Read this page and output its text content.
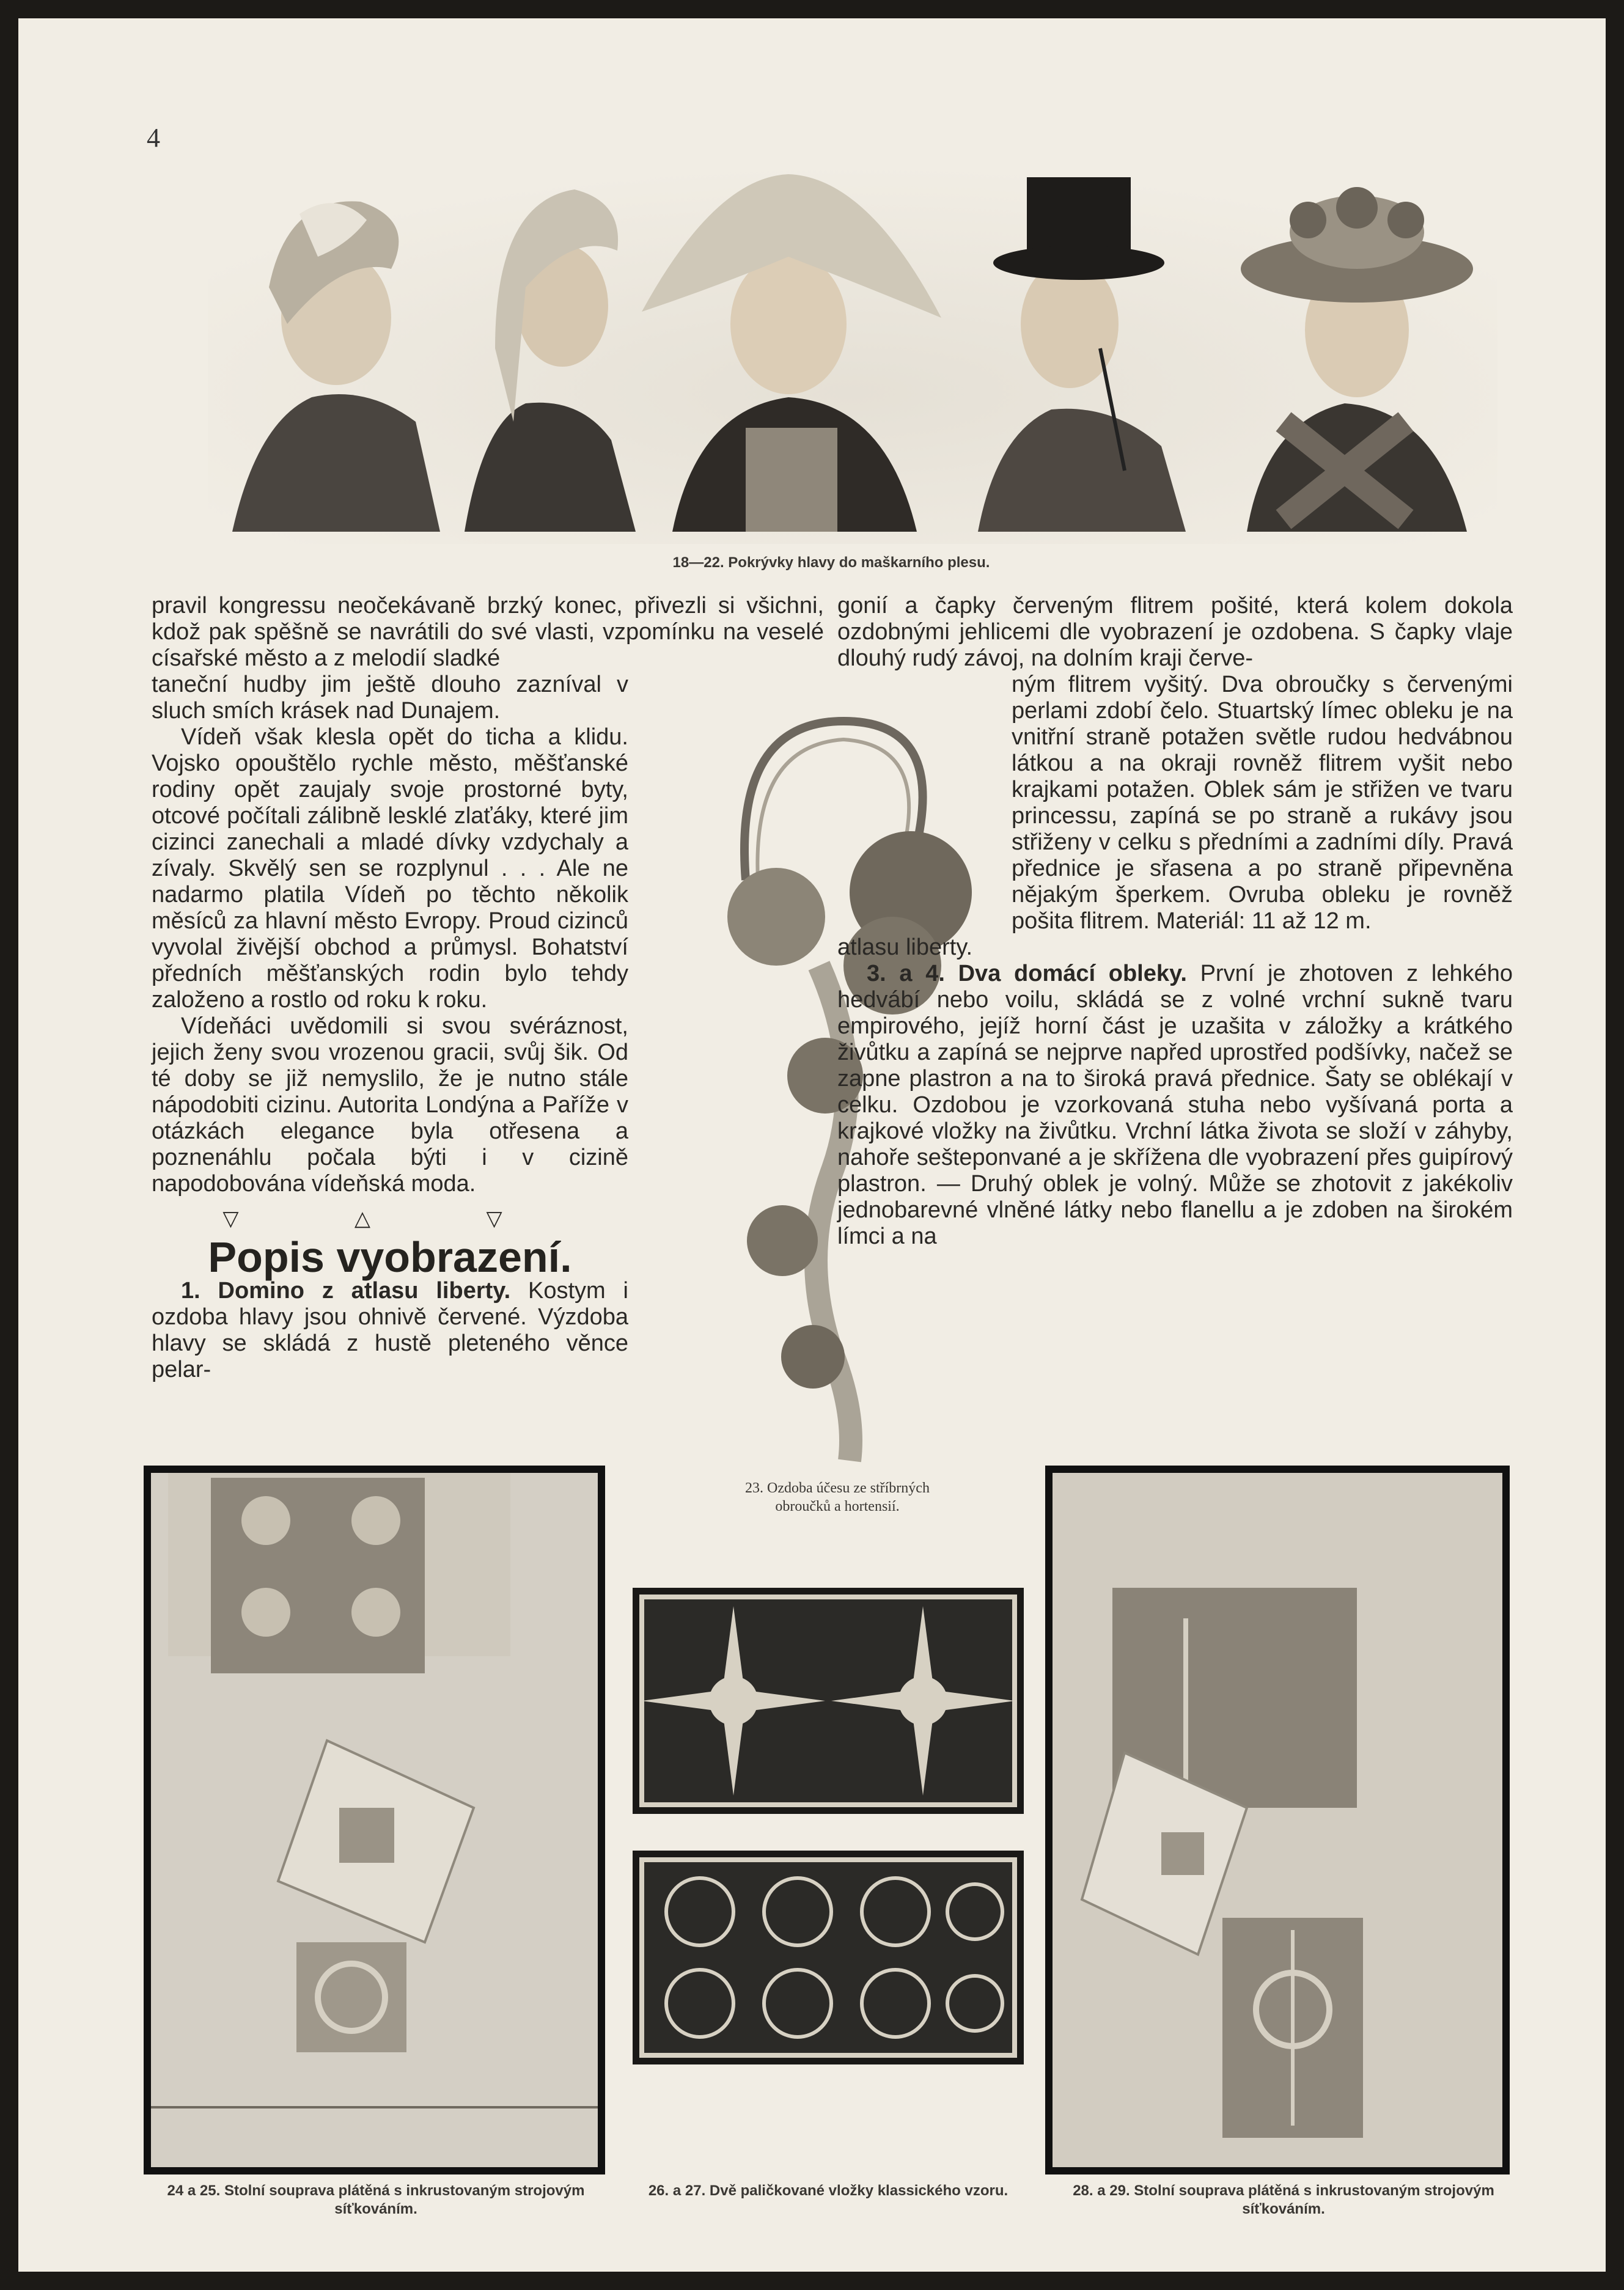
4
18—22. Pokrývky hlavy do maškarního plesu.

pravil kongressu neočekávaně brzký konec, přivezli si všichni, kdož pak spěšně se navrátili do své vlasti, vzpomínku na veselé císařské město a z melodií sladké

taneční hudby jim ještě dlouho zazníval v sluch smích krásek nad Dunajem.

Vídeň však klesla opět do ticha a klidu. Vojsko opouštělo rychle město, měšťanské rodiny opět zaujaly svoje prostorné byty, otcové počítali zálibně lesklé zlaťáky, které jim cizinci zanechali a mladé dívky vzdychaly a zívaly. Skvělý sen se rozplynul . . . Ale ne nadarmo platila Vídeň po těchto několik měsíců za hlavní město Evropy. Proud cizinců vyvolal živější obchod a průmysl. Bohatství předních měšťanských rodin bylo tehdy založeno a rostlo od roku k roku.

Vídeňáci uvědomili si svou svéráznost, jejich ženy svou vrozenou gracii, svůj šik. Od té doby se již nemyslilo, že je nutno stále nápodobiti cizinu. Autorita Londýna a Paříže v otázkách elegance byla otřesena a poznenáhlu počala býti i v cizině napodobována vídeňská moda.

▽ △ ▽
Popis vyobrazení.

1. Domino z atlasu liberty. Kostym i ozdoba hlavy jsou ohnivě červené. Výzdoba hlavy se skládá z hustě pleteného věnce pelar-

23. Ozdoba účesu ze stříbrných obroučků a hortensií.

gonií a čapky červeným flitrem pošité, která kolem dokola ozdobnými jehlicemi dle vyobrazení je ozdobena. S čapky vlaje dlouhý rudý závoj, na dolním kraji červe-

ným flitrem vyšitý. Dva obroučky s červenými perlami zdobí čelo. Stuartský límec obleku je na vnitřní straně potažen světle rudou hedvábnou látkou a na okraji rovněž flitrem vyšit nebo krajkami potažen. Oblek sám je střižen ve tvaru princessu, zapíná se po straně a rukávy jsou střiženy v celku s předními a zadními díly. Pravá přednice je sřasena a po straně připevněna nějakým šperkem. Ovruba obleku je rovněž pošita flitrem. Materiál: 11 až 12 m.

atlasu liberty.

3. a 4. Dva domácí obleky. První je zhotoven z lehkého hedvábí nebo voilu, skládá se z volné vrchní sukně tvaru empirového, jejíž horní část je uzašita v záložky a krátkého živůtku a zapíná se nejprve napřed uprostřed podšívky, načež se zapne plastron a na to široká pravá přednice. Šaty se oblékají v celku. Ozdobou je vzorkovaná stuha nebo vyšívaná porta a krajkové vložky na živůtku. Vrchní látka života se složí v záhyby, nahoře sešteponvané a je skřížena dle vyobrazení přes guipírový plastron. — Druhý oblek je volný. Může se zhotovit z jakékoliv jednobarevné vlněné látky nebo flanellu a je zdoben na širokém límci a na

24 a 25. Stolní souprava plátěná s inkrustovaným strojovým síťkováním.
26. a 27. Dvě paličkované vložky klassického vzoru.	28. a 29. Stolní souprava plátěná s inkrustovaným strojovým síťkováním.
